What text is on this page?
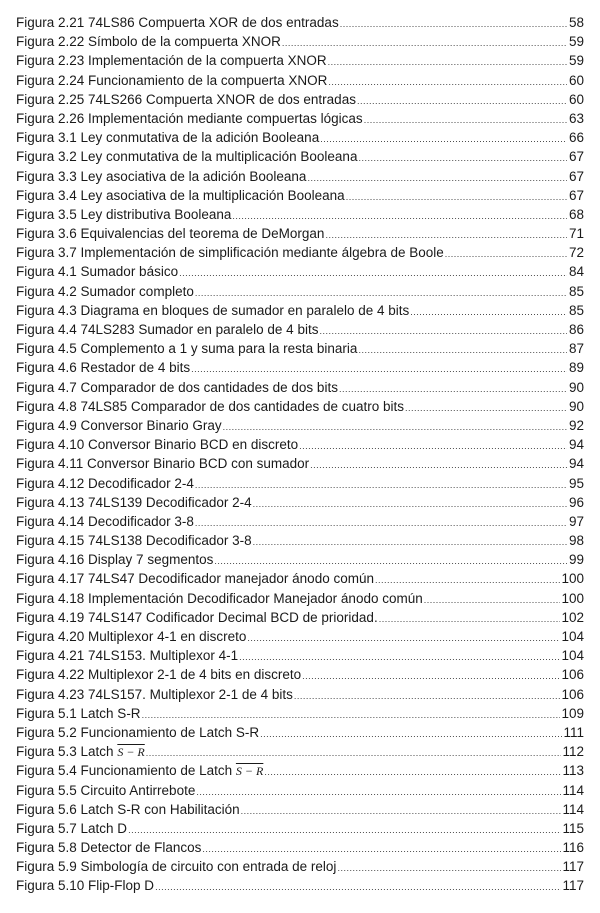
Figura 2.21 74LS86 Compuerta XOR de dos entradas .....	58
Figura 2.22 Símbolo de la compuerta XNOR .....	59
Figura 2.23 Implementación de la compuerta XNOR .....	59
Figura 2.24 Funcionamiento de la compuerta XNOR .....	60
Figura 2.25 74LS266 Compuerta XNOR de dos entradas .....	60
Figura 2.26 Implementación mediante compuertas lógicas .....	63
Figura 3.1 Ley conmutativa de la adición Booleana .....	66
Figura 3.2 Ley conmutativa de la multiplicación Booleana .....	67
Figura 3.3 Ley asociativa de la adición Booleana .....	67
Figura 3.4 Ley asociativa de la multiplicación Booleana .....	67
Figura 3.5 Ley distributiva Booleana .....	68
Figura 3.6 Equivalencias del teorema de DeMorgan .....	71
Figura 3.7 Implementación de simplificación mediante álgebra de Boole .....	72
Figura 4.1 Sumador básico .....	84
Figura 4.2 Sumador completo .....	85
Figura 4.3 Diagrama en bloques de sumador en paralelo de 4 bits .....	85
Figura 4.4 74LS283 Sumador en paralelo de 4 bits .....	86
Figura 4.5 Complemento a 1 y suma para la resta binaria .....	87
Figura 4.6 Restador de 4 bits .....	89
Figura 4.7 Comparador de dos cantidades de dos bits .....	90
Figura 4.8 74LS85 Comparador de dos cantidades de cuatro bits .....	90
Figura 4.9 Conversor Binario Gray .....	92
Figura 4.10 Conversor Binario BCD en discreto .....	94
Figura 4.11 Conversor Binario BCD con sumador .....	94
Figura 4.12 Decodificador 2-4 .....	95
Figura 4.13 74LS139 Decodificador 2-4 .....	96
Figura 4.14 Decodificador 3-8 .....	97
Figura 4.15 74LS138 Decodificador 3-8 .....	98
Figura 4.16 Display 7 segmentos .....	99
Figura 4.17 74LS47 Decodificador manejador ánodo común .....	100
Figura 4.18 Implementación Decodificador Manejador ánodo común .....	100
Figura 4.19 74LS147 Codificador Decimal BCD de prioridad. .....	102
Figura 4.20 Multiplexor 4-1 en discreto .....	104
Figura 4.21 74LS153. Multiplexor 4-1 .....	104
Figura 4.22 Multiplexor 2-1 de 4 bits en discreto .....	106
Figura 4.23 74LS157. Multiplexor 2-1 de 4 bits .....	106
Figura 5.1 Latch S-R .....	109
Figura 5.2 Funcionamiento de Latch S-R .....	111
Figura 5.3 Latch S − R .....	112
Figura 5.4 Funcionamiento de Latch S − R .....	113
Figura 5.5 Circuito Antirrebote .....	114
Figura 5.6 Latch S-R con Habilitación .....	114
Figura 5.7 Latch D .....	115
Figura 5.8 Detector de Flancos .....	116
Figura 5.9 Simbología de circuito con entrada de reloj .....	117
Figura 5.10 Flip-Flop D .....	117
